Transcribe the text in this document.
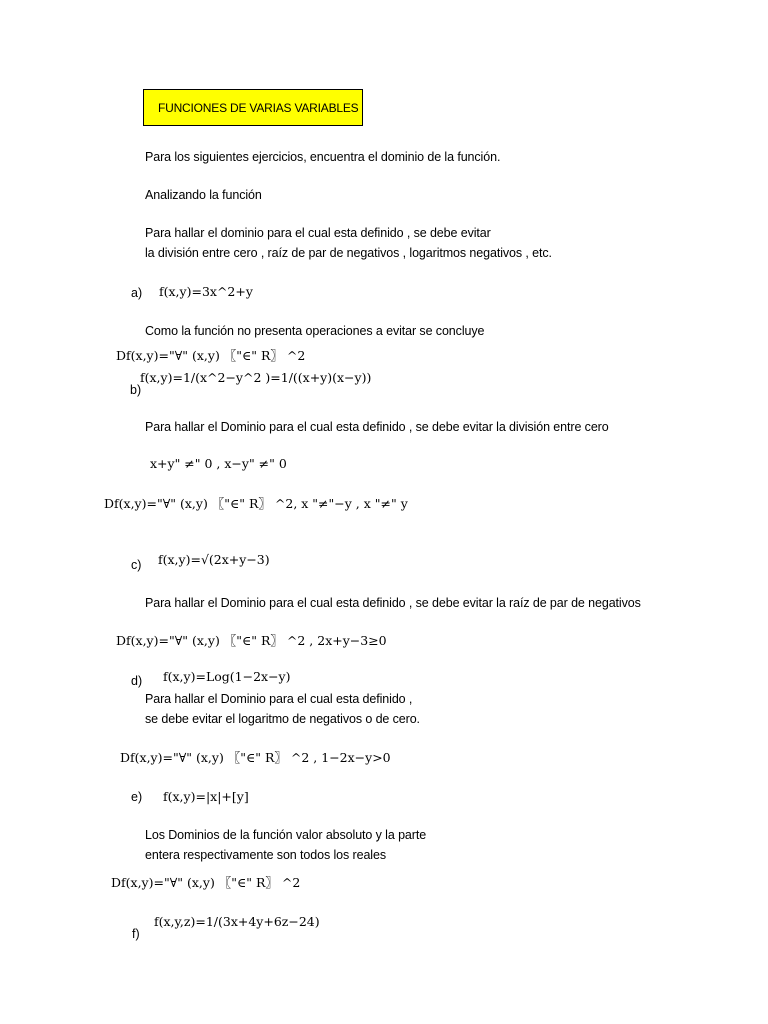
FUNCIONES DE VARIAS VARIABLES
Para los siguientes ejercicios, encuentra el dominio de la función.
Analizando la función
Para hallar el dominio para el cual esta definido , se debe evitar
la división entre cero , raíz de par de negativos , logaritmos negativos , etc.
a) f(x,y)=3x^2+y
Como la función no presenta operaciones a evitar se concluye
Df(x,y)="∀" (x,y) 〖"∈" R〗 ^2
f(x,y)=1/(x^2−y^2 )=1/((x+y)(x−y))
b)
Para hallar el Dominio para el cual esta definido , se debe evitar la división entre cero
x+y" ≠" 0 , x−y" ≠" 0
Df(x,y)="∀" (x,y) 〖"∈" R〗 ^2, x "≠"−y , x "≠" y
c) f(x,y)=√(2x+y−3)
Para hallar el Dominio para el cual esta definido , se debe evitar la raíz de par de negativos
Df(x,y)="∀" (x,y) 〖"∈" R〗 ^2 , 2x+y−3≥0
d) f(x,y)=Log(1−2x−y)
Para hallar el Dominio para el cual esta definido ,
se debe evitar el logaritmo de negativos o de cero.
Df(x,y)="∀" (x,y) 〖"∈" R〗 ^2 , 1−2x−y>0
e) f(x,y)=|x|+[y]
Los Dominios de la función valor absoluto y la parte
entera respectivamente son todos los reales
Df(x,y)="∀" (x,y) 〖"∈" R〗 ^2
f(x,y,z)=1/(3x+4y+6z−24)
f)
